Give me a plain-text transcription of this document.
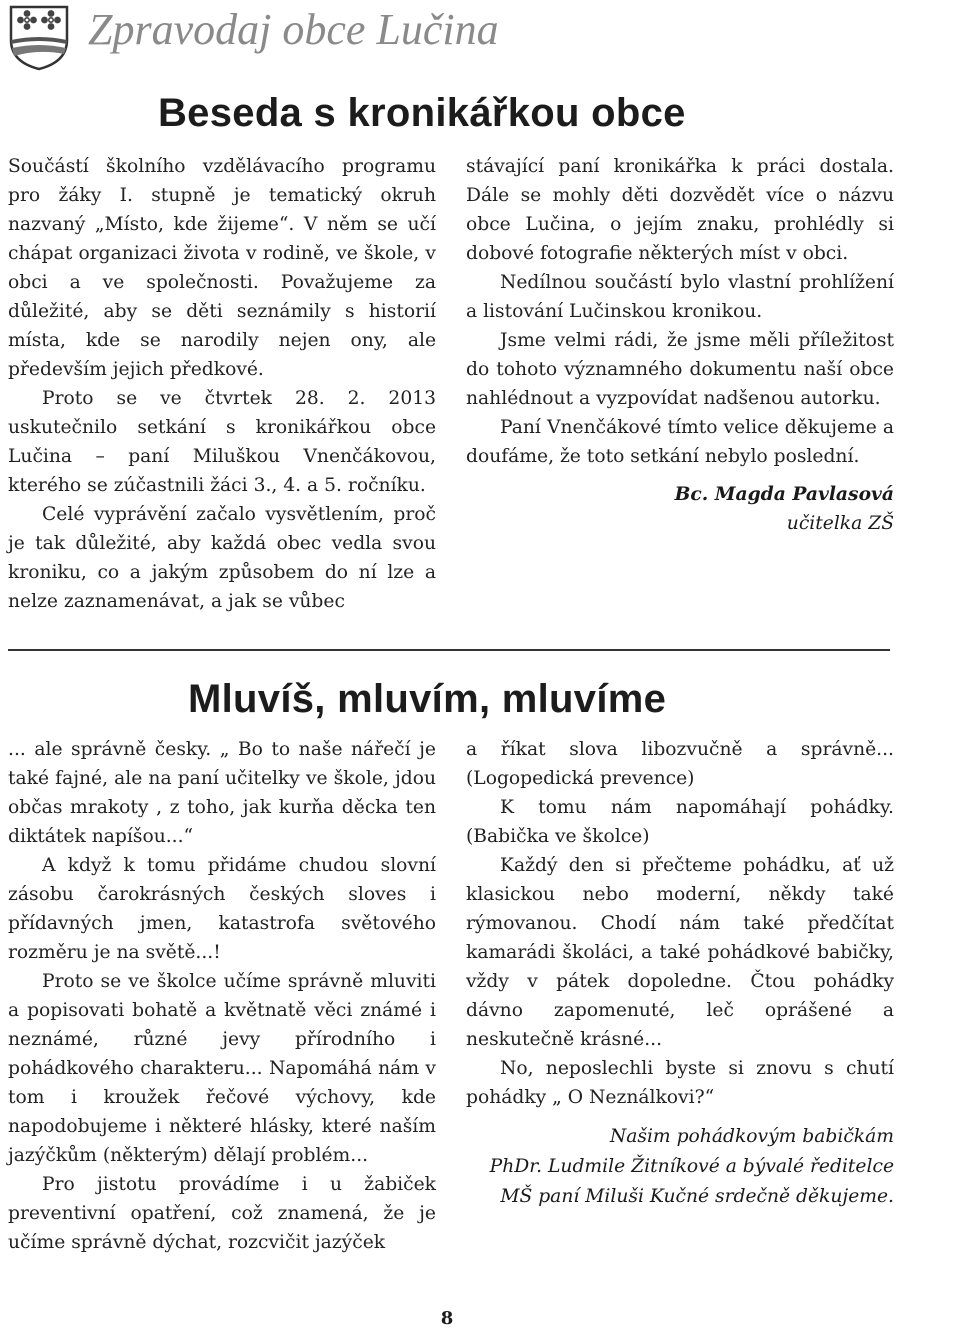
Zpravodaj obce Lučina
Beseda s kronikářkou obce

Součástí školního vzdělávacího programu pro žáky I. stupně je tematický okruh nazvaný „Místo, kde žijeme“. V něm se učí chápat organizaci života v rodině, ve škole, v obci a ve společnosti. Považujeme za důležité, aby se děti seznámily s historií místa, kde se narodily nejen ony, ale především jejich předkové.

Proto se ve čtvrtek 28. 2. 2013 uskutečnilo setkání s kronikářkou obce Lučina – paní Miluškou Vnenčákovou, kterého se zúčastnili žáci 3., 4. a 5. ročníku.

Celé vyprávění začalo vysvětlením, proč je tak důležité, aby každá obec vedla svou kroniku, co a jakým způsobem do ní lze a nelze zaznamenávat, a jak se vůbec

stávající paní kronikářka k práci dostala. Dále se mohly děti dozvědět více o názvu obce Lučina, o jejím znaku, prohlédly si dobové fotografie některých míst v obci.

Nedílnou součástí bylo vlastní prohlížení a listování Lučinskou kronikou.

Jsme velmi rádi, že jsme měli příležitost do tohoto významného dokumentu naší obce nahlédnout a vyzpovídat nadšenou autorku.

Paní Vnenčákové tímto velice děkujeme a doufáme, že toto setkání nebylo poslední.

Bc. Magda Pavlasová
učitelka ZŠ
Mluvíš, mluvím, mluvíme

... ale správně česky. „ Bo to naše nářečí je také fajné, ale na paní učitelky ve škole, jdou občas mrakoty , z toho, jak kurňa děcka ten diktátek napíšou...“

A když k tomu přidáme chudou slovní zásobu čarokrásných českých sloves i přídavných jmen, katastrofa světového rozměru je na světě...!

Proto se ve školce učíme správně mluviti a popisovati bohatě a květnatě věci známé i neznámé, různé jevy přírodního i pohádkového charakteru... Napomáhá nám v tom i kroužek řečové výchovy, kde napodobujeme i některé hlásky, které naším jazýčkům (některým) dělají problém...

Pro jistotu provádíme i u žabiček preventivní opatření, což znamená, že je učíme správně dýchat, rozcvičit jazýček

a říkat slova libozvučně a správně... (Logopedická prevence)

K tomu nám napomáhají pohádky. (Babička ve školce)

Každý den si přečteme pohádku, ať už klasickou nebo moderní, někdy také rýmovanou. Chodí nám také předčítat kamarádi školáci, a také pohádkové babičky, vždy v pátek dopoledne. Čtou pohádky dávno zapomenuté, leč oprášené a neskutečně krásné...

No, neposlechli byste si znovu s chutí pohádky „ O Neználkovi?“

Našim pohádkovým babičkám
PhDr. Ludmile Žitníkové a bývalé ředitelce
MŠ paní Miluši Kučné srdečně děkujeme.
8
